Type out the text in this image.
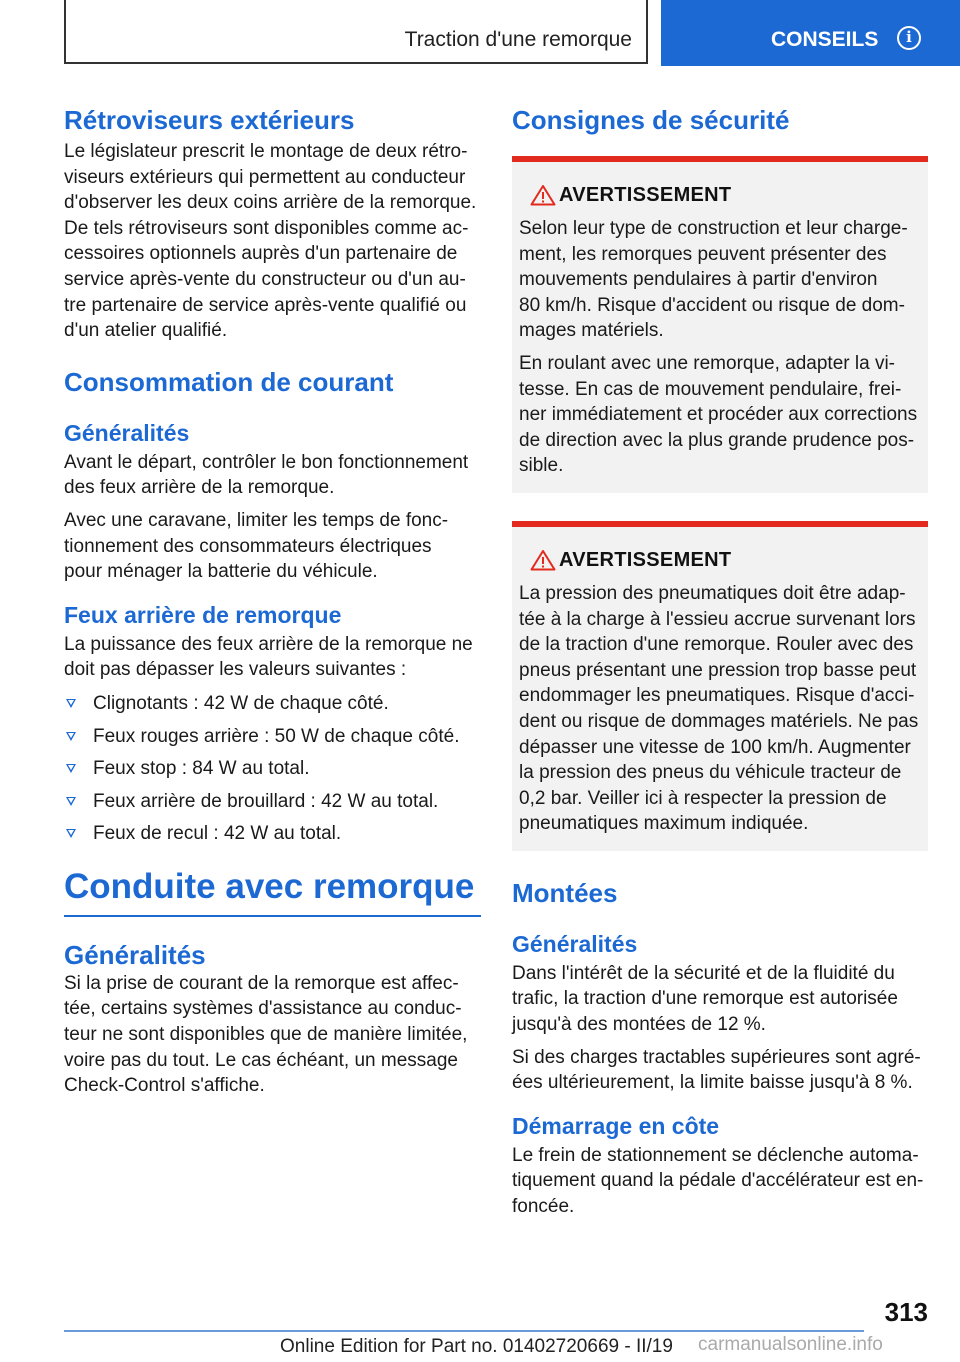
Traction d'une remorque	CONSEILS	i
Rétroviseurs extérieurs

Le législateur prescrit le montage de deux rétro-
viseurs extérieurs qui permettent au conducteur
d'observer les deux coins arrière de la remorque.
De tels rétroviseurs sont disponibles comme ac-
cessoires optionnels auprès d'un partenaire de
service après-vente du constructeur ou d'un au-
tre partenaire de service après-vente qualifié ou
d'un atelier qualifié.

Consommation de courant
Généralités

Avant le départ, contrôler le bon fonctionnement
des feux arrière de la remorque.

Avec une caravane, limiter les temps de fonc-
tionnement des consommateurs électriques
pour ménager la batterie du véhicule.

Feux arrière de remorque

La puissance des feux arrière de la remorque ne
doit pas dépasser les valeurs suivantes :

Clignotants : 42 W de chaque côté.
Feux rouges arrière : 50 W de chaque côté.
Feux stop : 84 W au total.
Feux arrière de brouillard : 42 W au total.
Feux de recul : 42 W au total.
Conduite avec remorque
Généralités

Si la prise de courant de la remorque est affec-
tée, certains systèmes d'assistance au conduc-
teur ne sont disponibles que de manière limitée,
voire pas du tout. Le cas échéant, un message
Check-Control s'affiche.

Consignes de sécurité
AVERTISSEMENT

Selon leur type de construction et leur charge-
ment, les remorques peuvent présenter des
mouvements pendulaires à partir d'environ
80 km/h. Risque d'accident ou risque de dom-
mages matériels.

En roulant avec une remorque, adapter la vi-
tesse. En cas de mouvement pendulaire, frei-
ner immédiatement et procéder aux corrections
de direction avec la plus grande prudence pos-
sible.

AVERTISSEMENT

La pression des pneumatiques doit être adap-
tée à la charge à l'essieu accrue survenant lors
de la traction d'une remorque. Rouler avec des
pneus présentant une pression trop basse peut
endommager les pneumatiques. Risque d'acci-
dent ou risque de dommages matériels. Ne pas
dépasser une vitesse de 100 km/h. Augmenter
la pression des pneus du véhicule tracteur de
0,2 bar. Veiller ici à respecter la pression de
pneumatiques maximum indiquée.

Montées
Généralités

Dans l'intérêt de la sécurité et de la fluidité du
trafic, la traction d'une remorque est autorisée
jusqu'à des montées de 12 %.

Si des charges tractables supérieures sont agré-
ées ultérieurement, la limite baisse jusqu'à 8 %.

Démarrage en côte

Le frein de stationnement se déclenche automa-
tiquement quand la pédale d'accélérateur est en-
foncée.

313
Online Edition for Part no. 01402720669 - II/19 carmanualsonline.info
